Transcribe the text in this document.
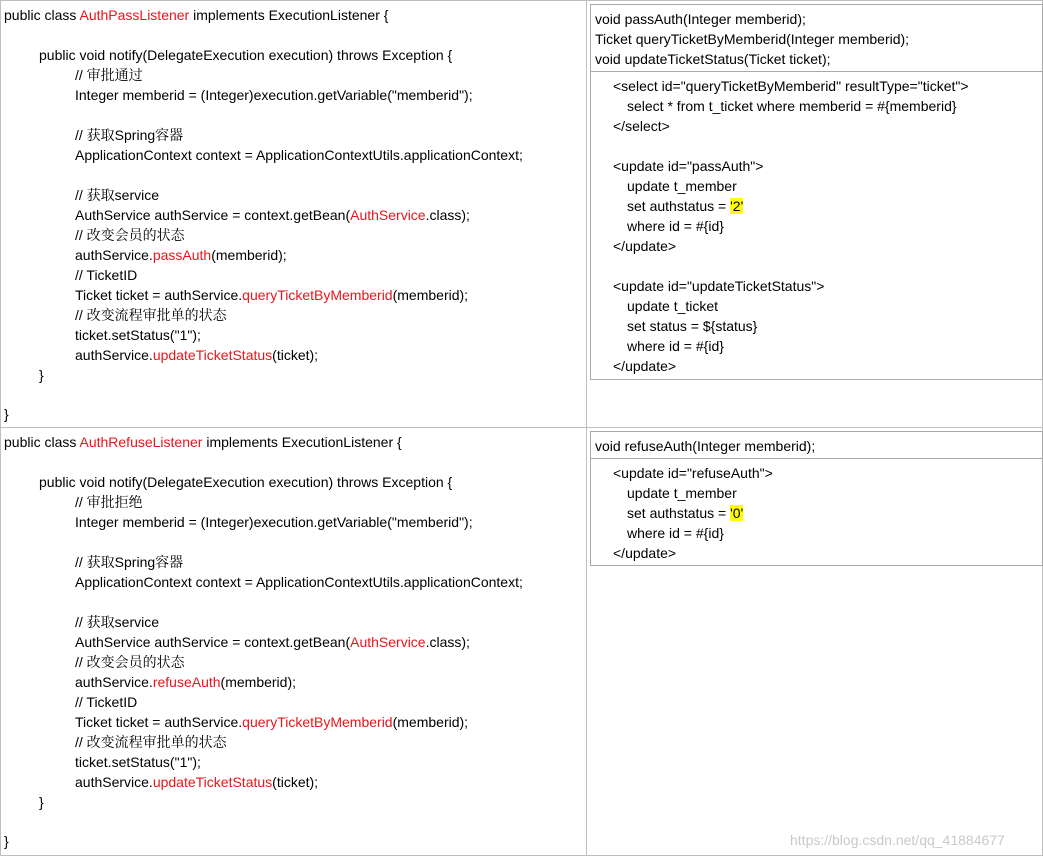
public class AuthPassListener implements ExecutionListener {
public void notify(DelegateExecution execution) throws Exception {
// 审批通过
Integer memberid = (Integer)execution.getVariable("memberid");
// 获取Spring容器
ApplicationContext context = ApplicationContextUtils.applicationContext;
// 获取service
AuthService authService = context.getBean(AuthService.class);
// 改变会员的状态
authService.passAuth(memberid);
// TicketID
Ticket ticket = authService.queryTicketByMemberid(memberid);
// 改变流程审批单的状态
ticket.setStatus("1");
authService.updateTicketStatus(ticket);
}
}
void passAuth(Integer memberid);
Ticket queryTicketByMemberid(Integer memberid);
void updateTicketStatus(Ticket ticket);
<select id="queryTicketByMemberid" resultType="ticket">
select * from t_ticket where memberid = #{memberid}
</select>
<update id="passAuth">
update t_member
set authstatus = '2'
where id = #{id}
</update>
<update id="updateTicketStatus">
update t_ticket
set status = ${status}
where id = #{id}
</update>
public class AuthRefuseListener implements ExecutionListener {
public void notify(DelegateExecution execution) throws Exception {
// 审批拒绝
Integer memberid = (Integer)execution.getVariable("memberid");
// 获取Spring容器
ApplicationContext context = ApplicationContextUtils.applicationContext;
// 获取service
AuthService authService = context.getBean(AuthService.class);
// 改变会员的状态
authService.refuseAuth(memberid);
// TicketID
Ticket ticket = authService.queryTicketByMemberid(memberid);
// 改变流程审批单的状态
ticket.setStatus("1");
authService.updateTicketStatus(ticket);
}
}
void refuseAuth(Integer memberid);
<update id="refuseAuth">
update t_member
set authstatus = '0'
where id = #{id}
</update>
https://blog.csdn.net/qq_41884677
